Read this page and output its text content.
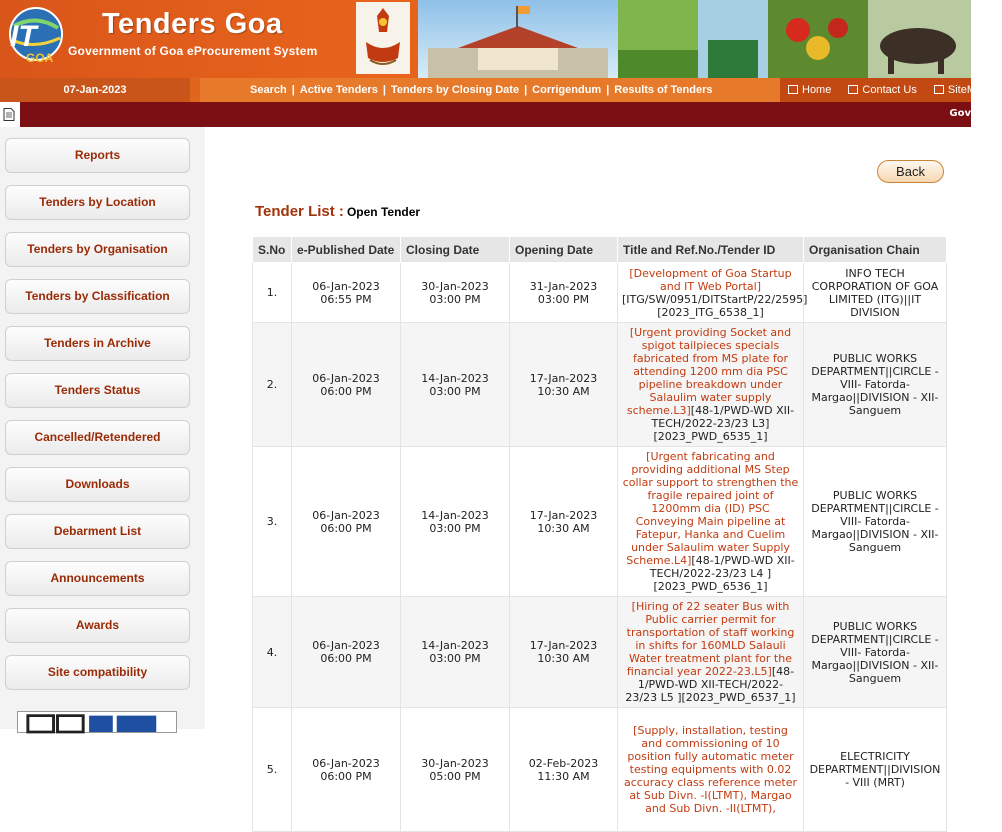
IT
GOA
Tenders Goa
Government of Goa eProcurement System
07-Jan-2023	Search | Active Tenders | Tenders by Closing Date | Corrigendum | Results of Tenders	Home	Contact Us	SiteMap
Gov
Reports
Tenders by Location
Tenders by Organisation
Tenders by Classification
Tenders in Archive
Tenders Status
Cancelled/Retendered
Downloads
Debarment List
Announcements
Awards
Site compatibility
Back
Tender List : Open Tender
S.No	e-Published Date	Closing Date	Opening Date	Title and Ref.No./Tender ID	Organisation Chain
1.	06-Jan-2023 06:55 PM	30-Jan-2023 03:00 PM	31-Jan-2023 03:00 PM	[Development of Goa Startup and IT Web Portal][ITG/SW/0951/DITStartP/22/2595][2023_ITG_6538_1]	INFO TECH CORPORATION OF GOA LIMITED (ITG)||IT DIVISION
2.	06-Jan-2023 06:00 PM	14-Jan-2023 03:00 PM	17-Jan-2023 10:30 AM	[Urgent providing Socket and spigot tailpieces specials fabricated from MS plate for attending 1200 mm dia PSC pipeline breakdown under Salaulim water supply scheme.L3][48-1/PWD-WD XII-TECH/2022-23/23 L3][2023_PWD_6535_1]	PUBLIC WORKS DEPARTMENT||CIRCLE - VIII- Fatorda-Margao||DIVISION - XII-Sanguem
3.	06-Jan-2023 06:00 PM	14-Jan-2023 03:00 PM	17-Jan-2023 10:30 AM	[Urgent fabricating and providing additional MS Step collar support to strengthen the fragile repaired joint of 1200mm dia (ID) PSC Conveying Main pipeline at Fatepur, Hanka and Cuelim under Salaulim water Supply Scheme.L4][48-1/PWD-WD XII-TECH/2022-23/23 L4 ][2023_PWD_6536_1]	PUBLIC WORKS DEPARTMENT||CIRCLE - VIII- Fatorda-Margao||DIVISION - XII-Sanguem
4.	06-Jan-2023 06:00 PM	14-Jan-2023 03:00 PM	17-Jan-2023 10:30 AM	[Hiring of 22 seater Bus with Public carrier permit for transportation of staff working in shifts for 160MLD Salauli Water treatment plant for the financial year 2022-23.L5][48-1/PWD-WD XII-TECH/2022-23/23 L5 ][2023_PWD_6537_1]	PUBLIC WORKS DEPARTMENT||CIRCLE - VIII- Fatorda-Margao||DIVISION - XII-Sanguem
5.	06-Jan-2023 06:00 PM	30-Jan-2023 05:00 PM	02-Feb-2023 11:30 AM	[Supply, installation, testing and commissioning of 10 position fully automatic meter testing equipments with 0.02 accuracy class reference meter at Sub Divn. -I(LTMT), Margao and Sub Divn. -II(LTMT),	ELECTRICITY DEPARTMENT||DIVISION - VIII (MRT)
